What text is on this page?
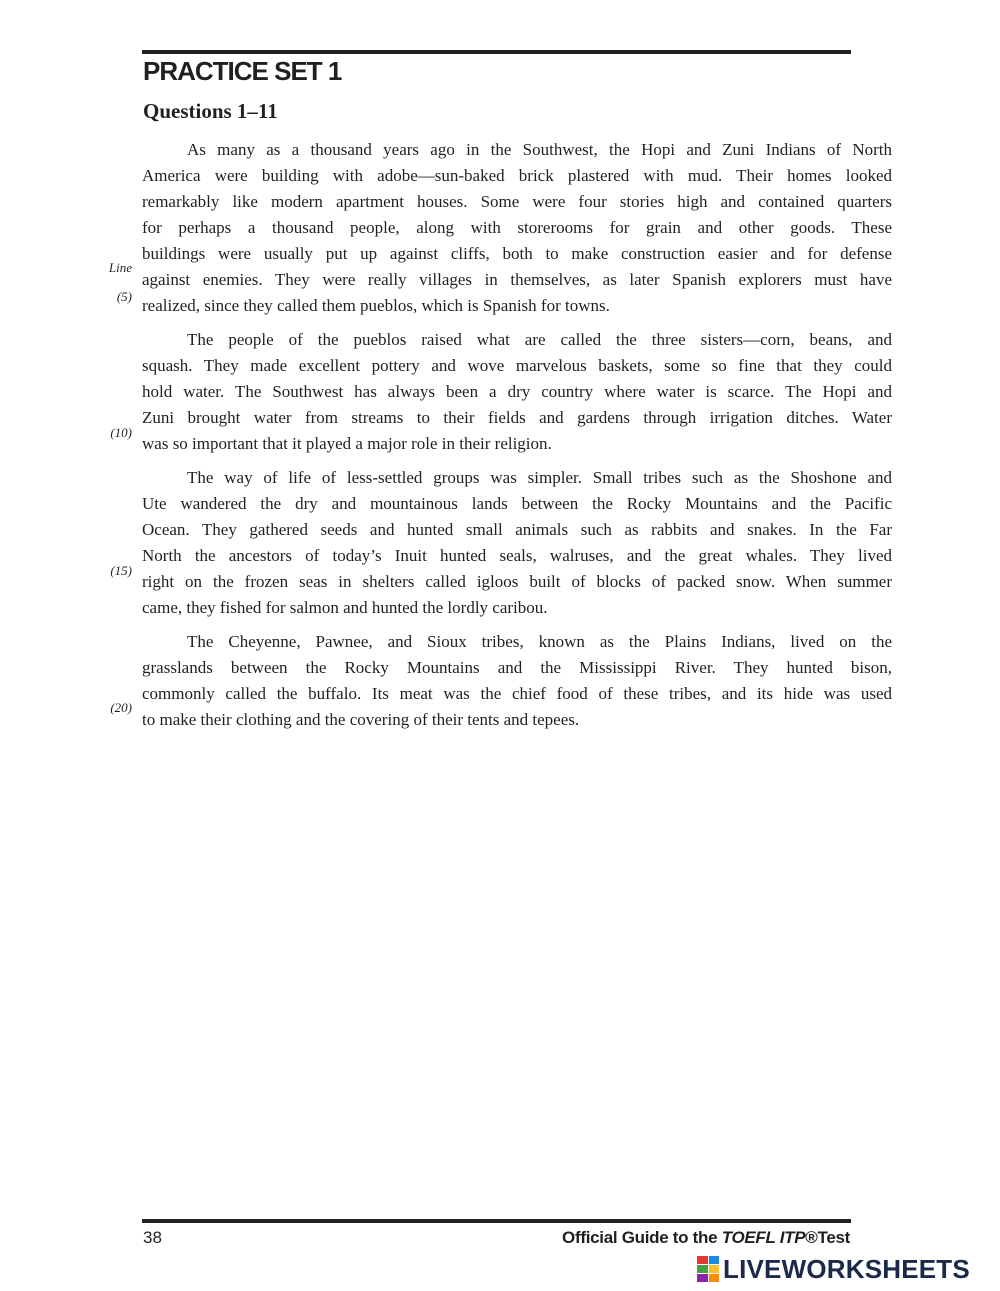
PRACTICE SET 1
Questions 1–11

As many as a thousand years ago in the Southwest, the Hopi and Zuni Indians of North
America were building with adobe—sun-baked brick plastered with mud. Their homes looked
remarkably like modern apartment houses. Some were four stories high and contained quarters
for perhaps a thousand people, along with storerooms for grain and other goods. These
buildings were usually put up against cliffs, both to make construction easier and for defense
against enemies. They were really villages in themselves, as later Spanish explorers must have
realized, since they called them pueblos, which is Spanish for towns.

The people of the pueblos raised what are called the three sisters—corn, beans, and
squash. They made excellent pottery and wove marvelous baskets, some so fine that they could
hold water. The Southwest has always been a dry country where water is scarce. The Hopi and
Zuni brought water from streams to their fields and gardens through irrigation ditches. Water
was so important that it played a major role in their religion.

The way of life of less-settled groups was simpler. Small tribes such as the Shoshone and
Ute wandered the dry and mountainous lands between the Rocky Mountains and the Pacific
Ocean. They gathered seeds and hunted small animals such as rabbits and snakes. In the Far
North the ancestors of today’s Inuit hunted seals, walruses, and the great whales. They lived
right on the frozen seas in shelters called igloos built of blocks of packed snow. When summer
came, they fished for salmon and hunted the lordly caribou.

The Cheyenne, Pawnee, and Sioux tribes, known as the Plains Indians, lived on the
grasslands between the Rocky Mountains and the Mississippi River. They hunted bison,
commonly called the buffalo. Its meat was the chief food of these tribes, and its hide was used
to make their clothing and the covering of their tents and tepees.

Line
(5)
(10)
(15)
(20)
38	Official Guide to the TOEFL ITP®Test
LIVEWORKSHEETS
